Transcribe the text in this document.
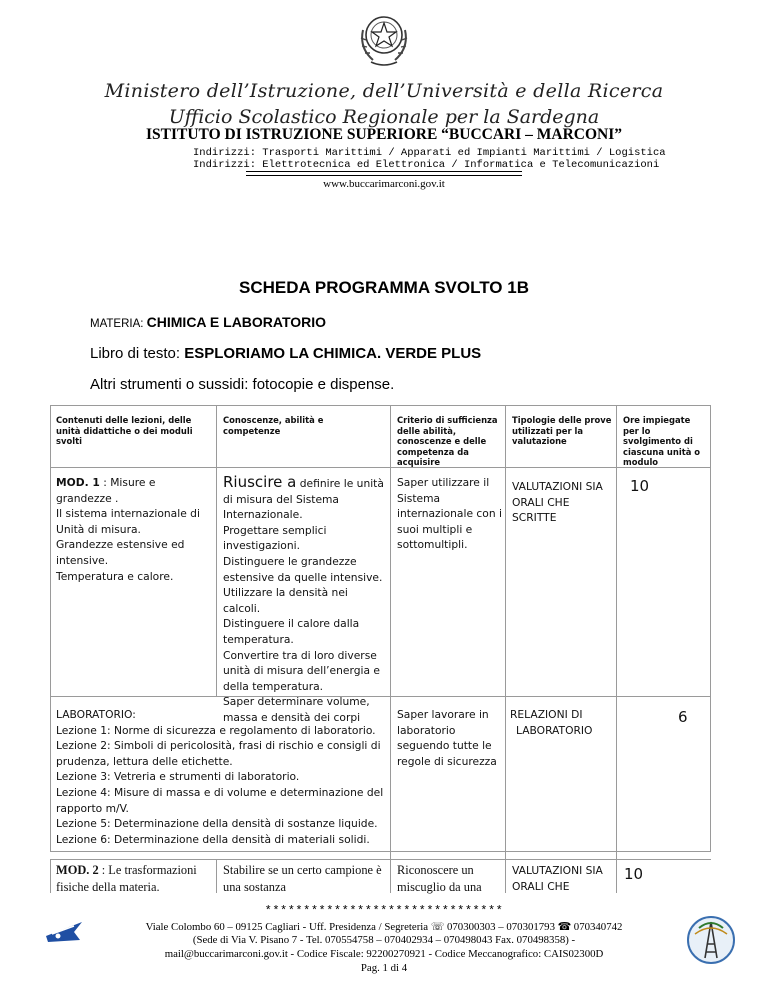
Ministero dell’Istruzione, dell’Università e della Ricerca
Ufficio Scolastico Regionale per la Sardegna
ISTITUTO DI ISTRUZIONE SUPERIORE “BUCCARI – MARCONI”
Indirizzi: Trasporti Marittimi / Apparati ed Impianti Marittimi / Logistica
Indirizzi: Elettrotecnica ed Elettronica / Informatica e Telecomunicazioni
www.buccarimarconi.gov.it
SCHEDA PROGRAMMA SVOLTO 1B
MATERIA: CHIMICA E LABORATORIO
Libro di testo: ESPLORIAMO LA CHIMICA. VERDE PLUS
Altri strumenti o sussidi: fotocopie e dispense.
Contenuti delle lezioni, delle unità didattiche o dei moduli svolti
Conoscenze, abilità e competenze
Criterio di sufficienza delle abilità, conoscenze e delle competenza da acquisire
Tipologie delle prove utilizzati per la valutazione
Ore impiegate per lo svolgimento di ciascuna unità o modulo
MOD. 1 : Misure e grandezze .
Il sistema internazionale di Unità di misura.
Grandezze estensive ed intensive.
Temperatura e calore.
Riuscire a definire le unità di misura del Sistema Internazionale.
Progettare semplici investigazioni.
Distinguere le grandezze estensive da quelle intensive.
Utilizzare la densità nei calcoli.
Distinguere il calore dalla temperatura.
Convertire tra di loro diverse unità di misura dell’energia e della temperatura.
Saper determinare volume, massa e densità dei corpi
Saper utilizzare il Sistema internazionale con i suoi multipli e sottomultipli.
VALUTAZIONI SIA ORALI CHE SCRITTE
10
LABORATORIO:
Lezione 1: Norme di sicurezza e regolamento di laboratorio.
Lezione 2: Simboli di pericolosità, frasi di rischio e consigli di prudenza, lettura delle etichette.
Lezione 3: Vetreria e strumenti di laboratorio.
Lezione 4: Misure di massa e di volume e determinazione del rapporto m/V.
Lezione 5: Determinazione della densità di sostanze liquide.
Lezione 6: Determinazione della densità di materiali solidi.
Saper lavorare in laboratorio seguendo tutte le regole di sicurezza
RELAZIONI DI
LABORATORIO
6
MOD. 2 : Le trasformazioni fisiche della materia.
Stabilire se un certo campione è una sostanza
Riconoscere un miscuglio da una
VALUTAZIONI SIA ORALI CHE
10
*******************************
Viale Colombo 60 – 09125 Cagliari - Uff. Presidenza / Segreteria ☏ 070300303 – 070301793 ☎ 070340742
(Sede di Via V. Pisano 7 - Tel. 070554758 – 070402934 – 070498043 Fax. 070498358) -
mail@buccarimarconi.gov.it - Codice Fiscale: 92200270921 - Codice Meccanografico: CAIS02300D
Pag. 1 di 4
